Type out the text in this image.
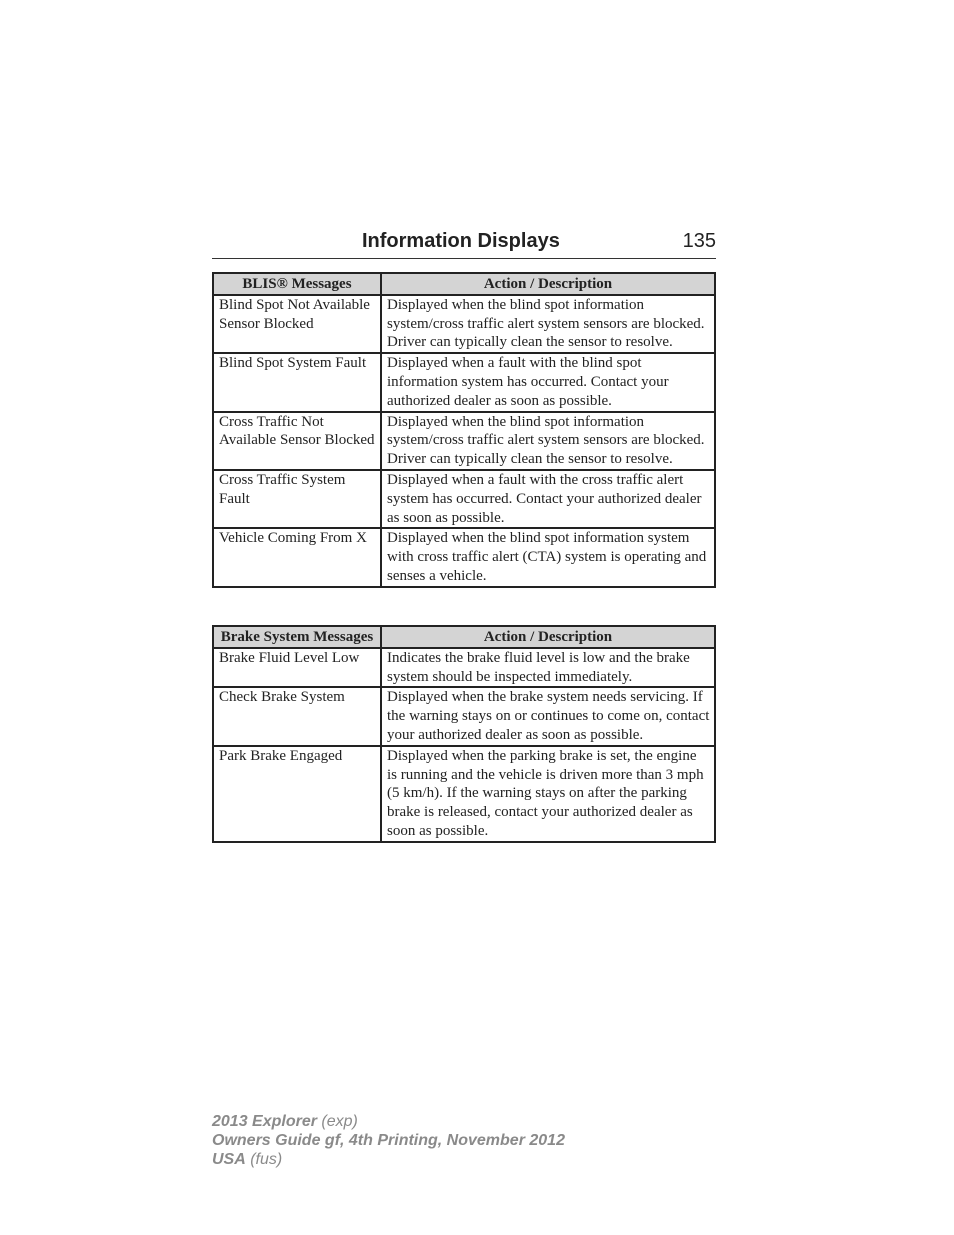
Information Displays	135
BLIS® Messages	Action / Description
Blind Spot Not Available Sensor Blocked	Displayed when the blind spot information system/cross traffic alert system sensors are blocked. Driver can typically clean the sensor to resolve.
Blind Spot System Fault	Displayed when a fault with the blind spot information system has occurred. Contact your authorized dealer as soon as possible.
Cross Traffic Not Available Sensor Blocked	Displayed when the blind spot information system/cross traffic alert system sensors are blocked. Driver can typically clean the sensor to resolve.
Cross Traffic System Fault	Displayed when a fault with the cross traffic alert system has occurred. Contact your authorized dealer as soon as possible.
Vehicle Coming From X	Displayed when the blind spot information system with cross traffic alert (CTA) system is operating and senses a vehicle.
Brake System Messages	Action / Description
Brake Fluid Level Low	Indicates the brake fluid level is low and the brake system should be inspected immediately.
Check Brake System	Displayed when the brake system needs servicing. If the warning stays on or continues to come on, contact your authorized dealer as soon as possible.
Park Brake Engaged	Displayed when the parking brake is set, the engine is running and the vehicle is driven more than 3 mph (5 km/h). If the warning stays on after the parking brake is released, contact your authorized dealer as soon as possible.
2013 Explorer (exp)
Owners Guide gf, 4th Printing, November 2012
USA (fus)
